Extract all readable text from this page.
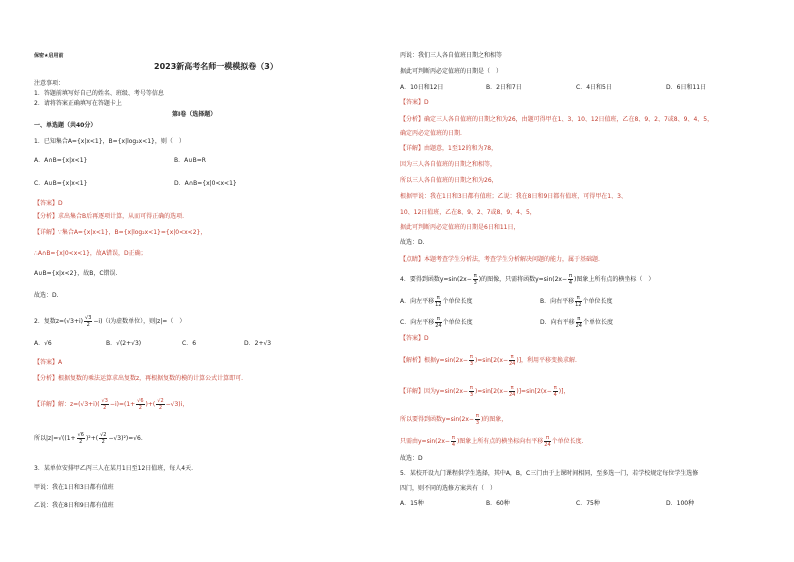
保密★启用前
2023新高考名师一模模拟卷（3）
注意事项：
1．答题前填写好自己的姓名、班级、考号等信息
2．请将答案正确填写在答题卡上
第I卷（选择题）
一、单选题（共40分）
1．已知集合A={x|x<1}，B={x|log₂x<1}，则（　）
A．A∩B={x|x<1}	B．A∪B=R
C．A∪B={x|x<1}	D．A∩B={x|0<x<1}
【答案】D
【分析】求出集合B后再逐项计算，从而可得正确的选项.
【详解】∵集合A={x|x<1}，B={x|log₂x<1}={x|0<x<2}，
∴A∩B={x|0<x<1}，故A错误，D正确；
A∪B={x|x<2}，故B，C错误.
故选：D.
2．复数$z=(√3+i) \frac{√3}{2} -i)(i$为虚数单位），则|z|=（　）
A．√6	B．√(2+√3)	C．6	D．2+√3
【答案】A
【分析】根据复数的乘法运算求出复数z，再根据复数的模的计算公式计算即可.
【详解】解：$z=(√3+i)( \frac{√3}{2} -i)=(1+ \frac{√6}{2}$ )+( $\frac{√2}{2} -√3)i$，
所以$|z|=√((1+ \frac{√6}{2} )^2+( \frac{√2}{2} -√3)^2)=√6$.
3．某单位安排甲乙丙三人在某月1日至12日值班，每人4天.
甲说：我在1日和3日都有值班
乙说：我在8日和9日都有值班
丙说：我们三人各自值班日期之和相等
据此可判断丙必定值班的日期是（　）
A．10日和12日	B．2日和7日	C．4日和5日	D．6日和11日
【答案】D
【分析】确定三人各自值班的日期之和为26，由题可得甲在1、3、10、12日值班，乙在8、9、2、7或8、9、4、5，
确定丙必定值班的日期.
【详解】由题意，1至12的和为78，
因为三人各自值班的日期之和相等，
所以三人各自值班的日期之和为26，
根据甲说：我在1日和3日都有值班；乙说：我在8日和9日都有值班，可得甲在1、3、
10、12日值班，乙在8、9、2、7或8、9、4、5，
据此可判断丙必定值班的日期是6日和11日，
故选：D.
【点睛】本题考查学生分析法，考查学生分析解决问题的能力，属于基础题.
4．要得到函数$y=\sin(2x- \frac{\pi}{3}$ )的图像，只需将函数$y=\sin(2x- \frac{\pi}{4}$ )图象上所有点的横坐标（　）
A．向左平移 $\frac{\pi}{12}$ 个单位长度	B．向右平移 $\frac{\pi}{12}$ 个单位长度
C．向左平移 $\frac{\pi}{24}$ 个单位长度	D．向右平移 $\frac{\pi}{24}$ 个单位长度
【答案】D
【解析】根据$y=\sin(2x- \frac{\pi}{3} )=\sin[2(x- \frac{\pi}{24}$ )]，利用平移变换求解.
【详解】因为$y=\sin(2x- \frac{\pi}{3} )=\sin[2(x- \frac{\pi}{24} )]=\sin[2(x- \frac{\pi}{4}$ )]，
所以要得到函数$y=\sin(2x- \frac{\pi}{3}$ )的图象，
只需由$y=\sin(2x- \frac{\pi}{4}$ )图象上所有点的横坐标向右平移 $\frac{\pi}{24}$ 个单位长度.
故选：D
5．某校开设九门课程供学生选择，其中A，B，C三门由于上课时间相同，至多选一门，若学校规定每位学生选修
四门，则不同的选修方案共有（　）
A．15种	B．60种	C．75种	D．100种
